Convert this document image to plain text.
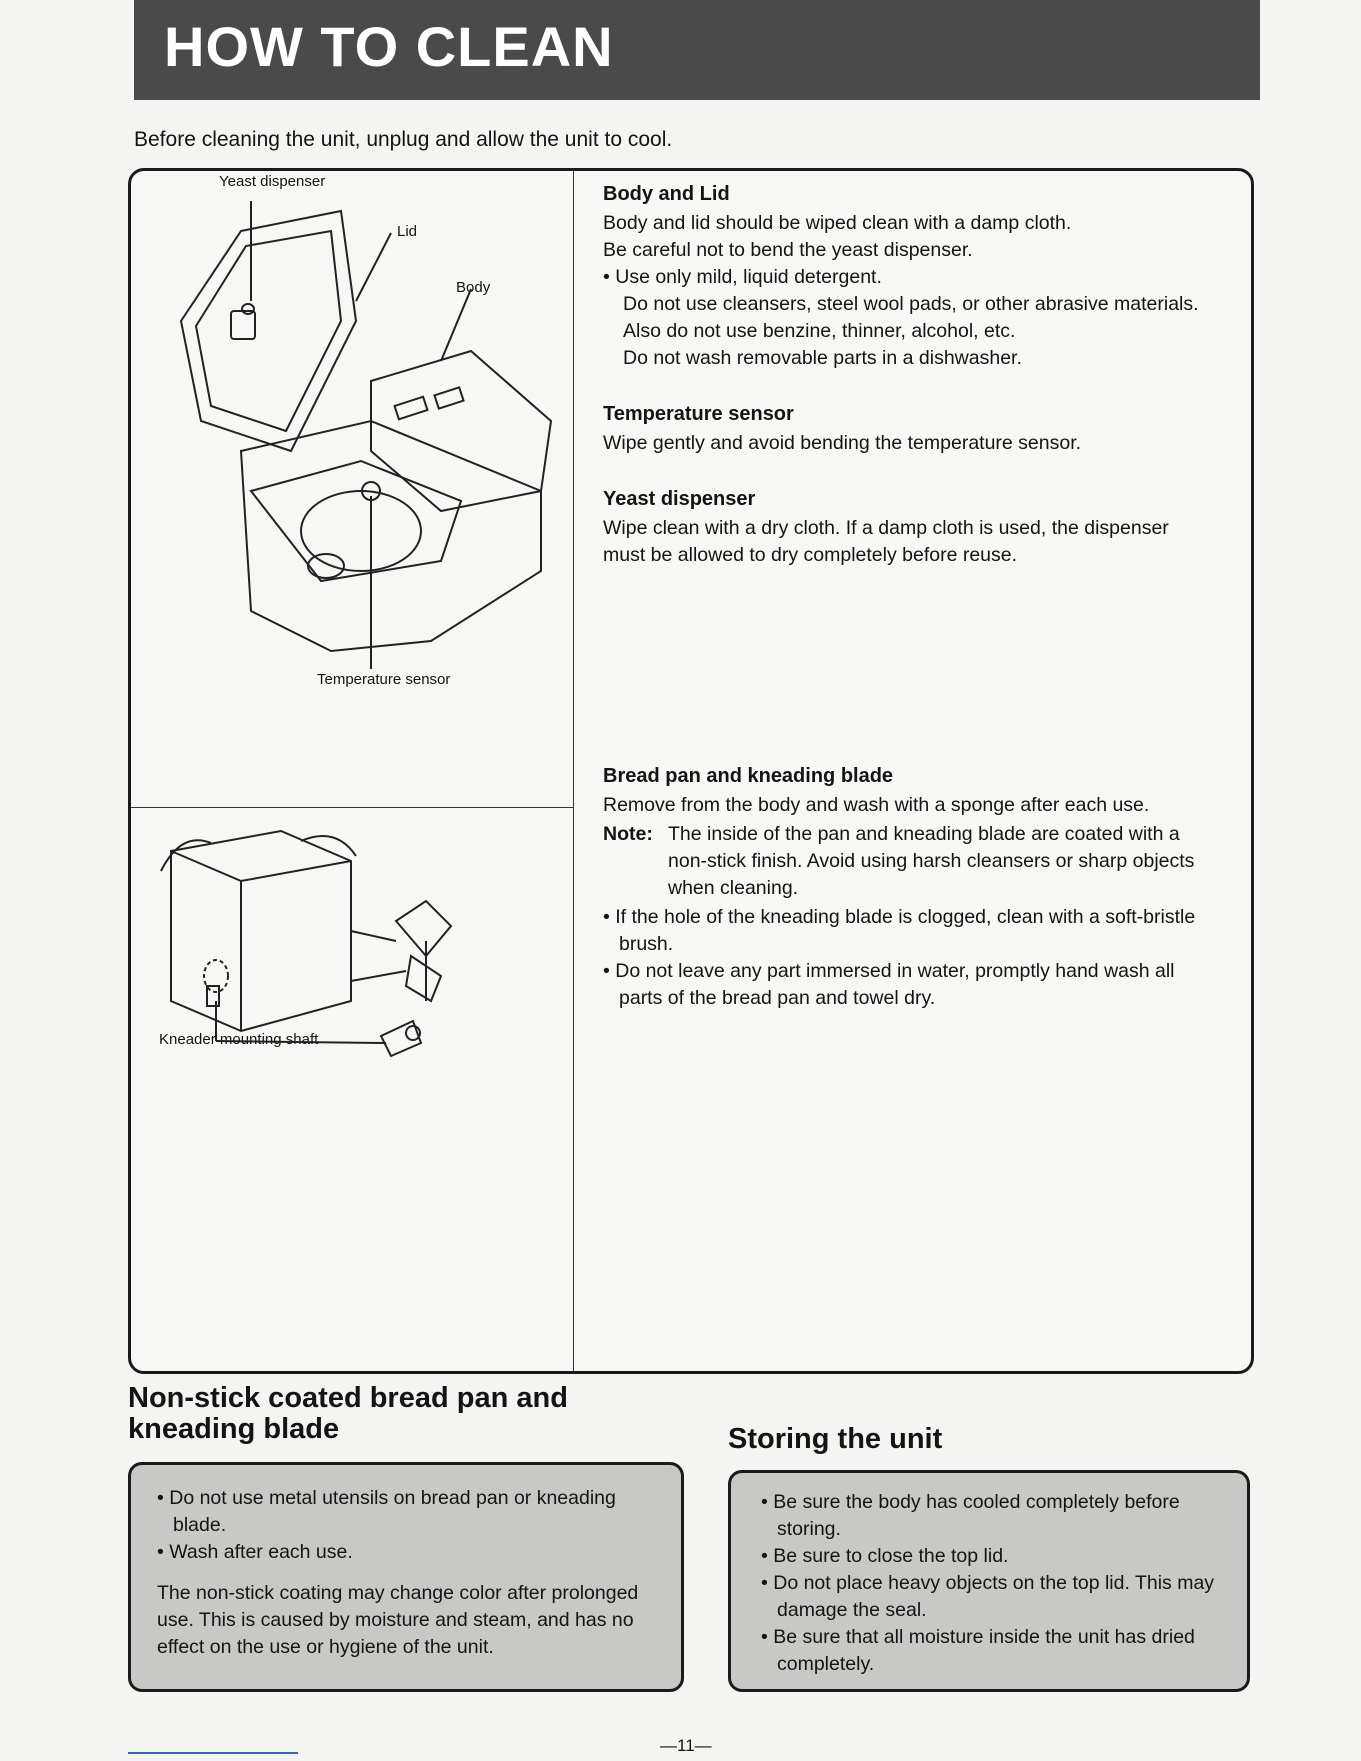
HOW TO CLEAN
Before cleaning the unit, unplug and allow the unit to cool.
Yeast dispenser
Lid
Body
Temperature sensor
Kneader mounting shaft
Body and Lid

Body and lid should be wiped clean with a damp cloth.

Be careful not to bend the yeast dispenser.

• Use only mild, liquid detergent.

Do not use cleansers, steel wool pads, or other abrasive materials.

Also do not use benzine, thinner, alcohol, etc.

Do not wash removable parts in a dishwasher.

Temperature sensor

Wipe gently and avoid bending the temperature sensor.

Yeast dispenser

Wipe clean with a dry cloth. If a damp cloth is used, the dispenser must be allowed to dry completely before reuse.

Bread pan and kneading blade

Remove from the body and wash with a sponge after each use.

Note: The inside of the pan and kneading blade are coated with a non-stick finish. Avoid using harsh cleansers or sharp objects when cleaning.

• If the hole of the kneading blade is clogged, clean with a soft-bristle brush.

• Do not leave any part immersed in water, promptly hand wash all parts of the bread pan and towel dry.

Non-stick coated bread pan and
kneading blade

• Do not use metal utensils on bread pan or kneading blade.

• Wash after each use.

The non-stick coating may change color after prolonged use. This is caused by moisture and steam, and has no effect on the use or hygiene of the unit.

Storing the unit

• Be sure the body has cooled completely before storing.

• Be sure to close the top lid.

• Do not place heavy objects on the top lid. This may damage the seal.

• Be sure that all moisture inside the unit has dried completely.

—11—
